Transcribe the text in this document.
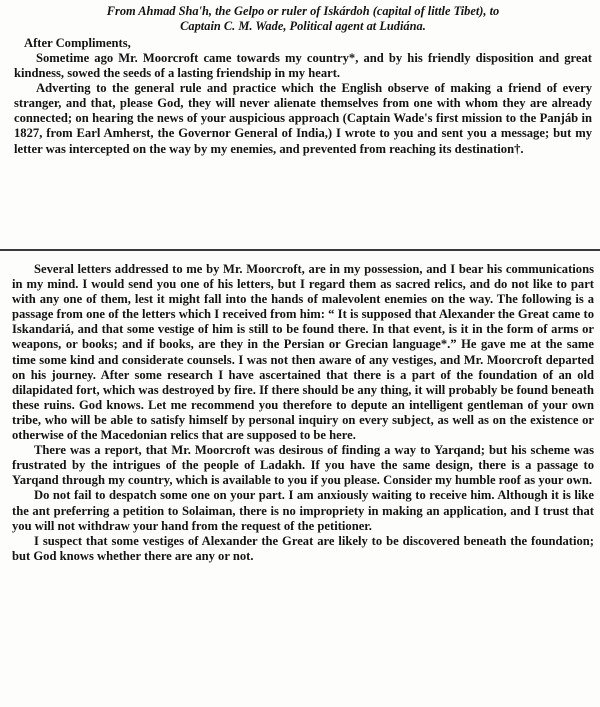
From Ahmad Sha'h, the Gelpo or ruler of Iskárdoh (capital of little Tibet), to

Captain C. M. Wade, Political agent at Ludiána.

After Compliments,

Sometime ago Mr. Moorcroft came towards my country*, and by his friendly disposition and great kindness, sowed the seeds of a lasting friendship in my heart.

Adverting to the general rule and practice which the English observe of making a friend of every stranger, and that, please God, they will never alienate themselves from one with whom they are already connected; on hearing the news of your auspicious approach (Captain Wade's first mission to the Panjáb in 1827, from Earl Amherst, the Governor General of India,) I wrote to you and sent you a message; but my letter was intercepted on the way by my enemies, and prevented from reaching its destination†.

Several letters addressed to me by Mr. Moorcroft, are in my possession, and I bear his communications in my mind. I would send you one of his letters, but I regard them as sacred relics, and do not like to part with any one of them, lest it might fall into the hands of malevolent enemies on the way. The following is a passage from one of the letters which I received from him: “ It is supposed that Alexander the Great came to Iskandariá, and that some vestige of him is still to be found there. In that event, is it in the form of arms or weapons, or books; and if books, are they in the Persian or Grecian language*.” He gave me at the same time some kind and considerate counsels. I was not then aware of any vestiges, and Mr. Moorcroft departed on his journey. After some research I have ascertained that there is a part of the foundation of an old dilapidated fort, which was destroyed by fire. If there should be any thing, it will probably be found beneath these ruins. God knows. Let me recommend you therefore to depute an intelligent gentleman of your own tribe, who will be able to satisfy himself by personal inquiry on every subject, as well as on the existence or otherwise of the Macedonian relics that are supposed to be here.

There was a report, that Mr. Moorcroft was desirous of finding a way to Yarqand; but his scheme was frustrated by the intrigues of the people of Ladakh. If you have the same design, there is a passage to Yarqand through my country, which is available to you if you please. Consider my humble roof as your own.

Do not fail to despatch some one on your part. I am anxiously waiting to receive him. Although it is like the ant preferring a petition to Solaiman, there is no impropriety in making an application, and I trust that you will not withdraw your hand from the request of the petitioner.

I suspect that some vestiges of Alexander the Great are likely to be discovered beneath the foundation; but God knows whether there are any or not.
